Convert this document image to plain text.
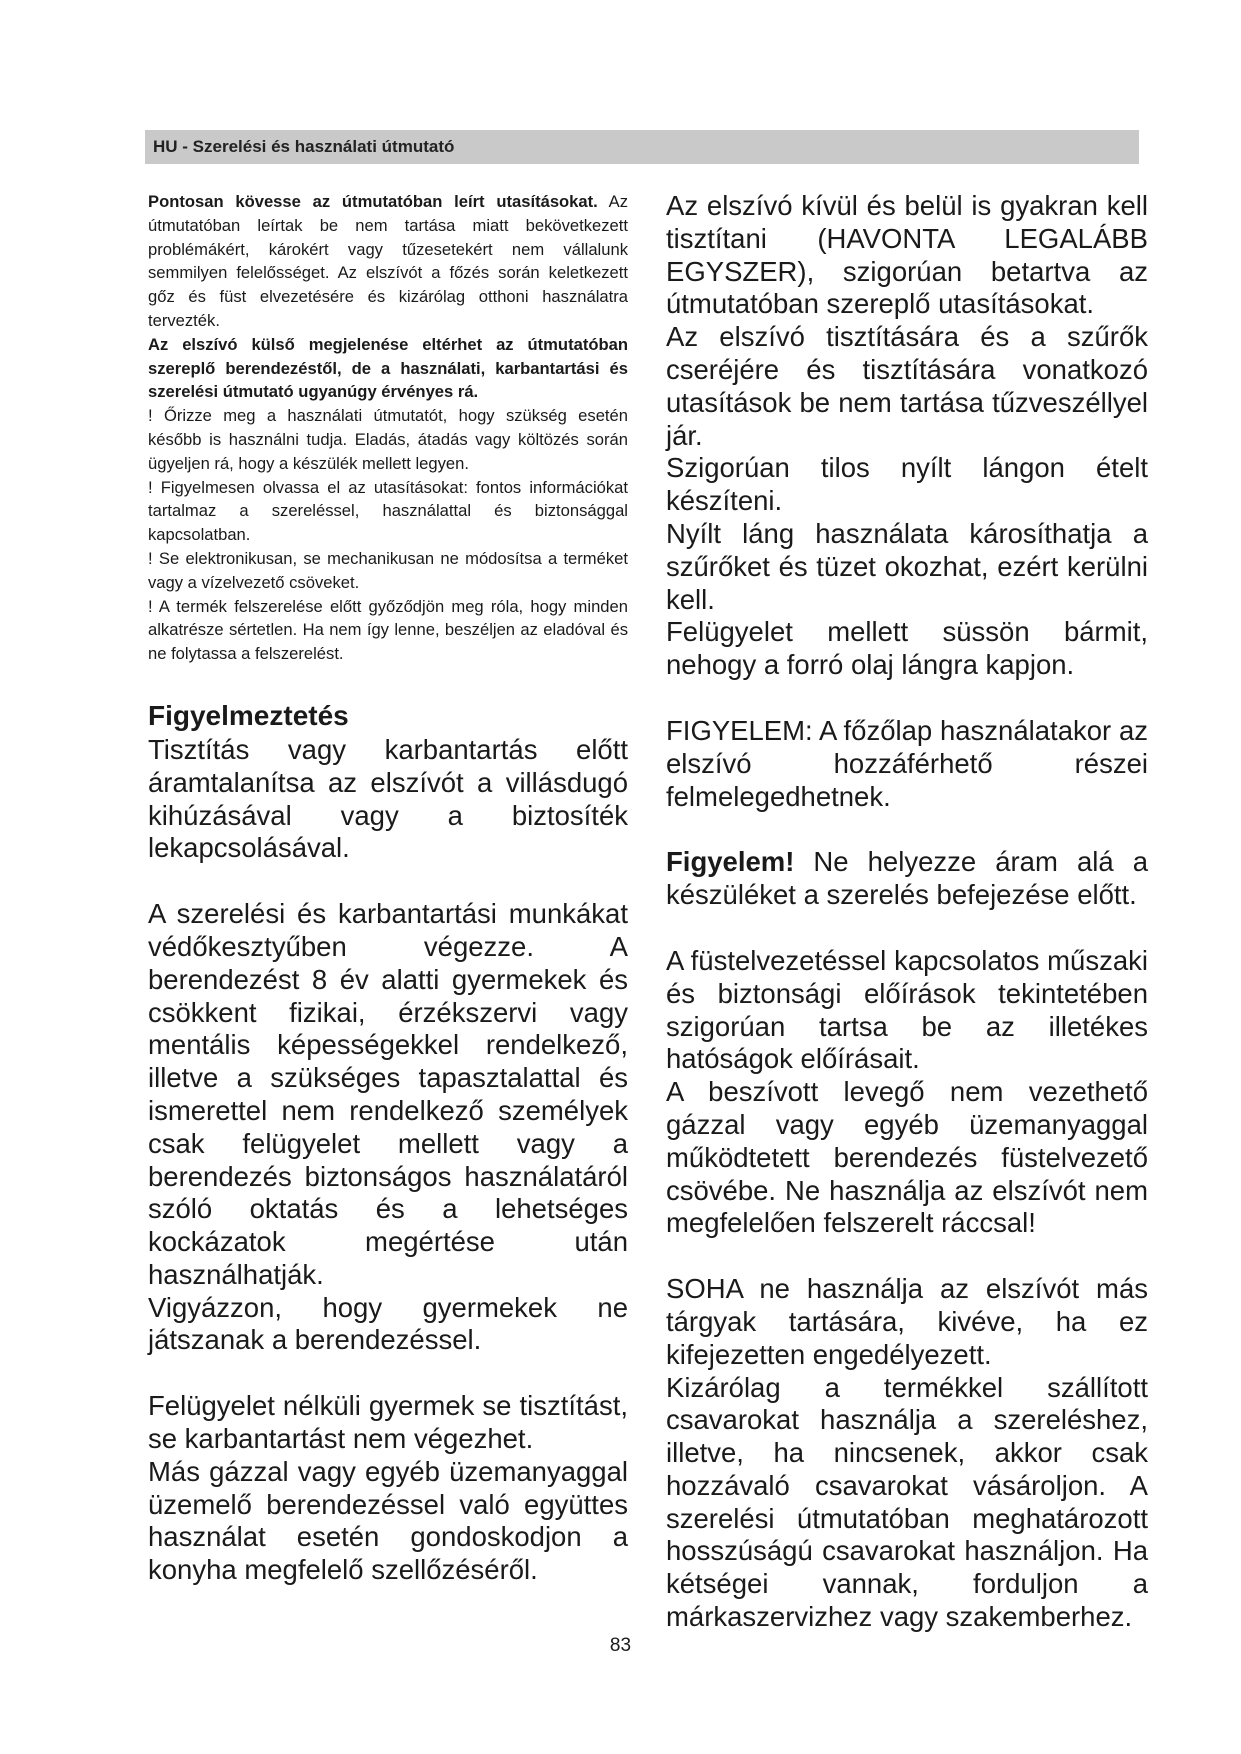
HU - Szerelési és használati útmutató

Pontosan kövesse az útmutatóban leírt utasításokat. Az útmutatóban leírtak be nem tartása miatt bekövetkezett problémákért, károkért vagy tűzesetekért nem vállalunk semmilyen felelősséget. Az elszívót a főzés során keletkezett gőz és füst elvezetésére és kizárólag otthoni használatra tervezték.

Az elszívó külső megjelenése eltérhet az útmutatóban szereplő berendezéstől, de a használati, karbantartási és szerelési útmutató ugyanúgy érvényes rá.

! Őrizze meg a használati útmutatót, hogy szükség esetén később is használni tudja. Eladás, átadás vagy költözés során ügyeljen rá, hogy a készülék mellett legyen.

! Figyelmesen olvassa el az utasításokat: fontos információkat tartalmaz a szereléssel, használattal és biztonsággal kapcsolatban.

! Se elektronikusan, se mechanikusan ne módosítsa a terméket vagy a vízelvezető csöveket.

! A termék felszerelése előtt győződjön meg róla, hogy minden alkatrésze sértetlen. Ha nem így lenne, beszéljen az eladóval és ne folytassa a felszerelést.

Figyelmeztetés

Tisztítás vagy karbantartás előtt áramtalanítsa az elszívót a villásdugó kihúzásával vagy a biztosíték lekapcsolásával.

A szerelési és karbantartási munkákat védőkesztyűben végezze. A berendezést 8 év alatti gyermekek és csökkent fizikai, érzékszervi vagy mentális képességekkel rendelkező, illetve a szükséges tapasztalattal és ismerettel nem rendelkező személyek csak felügyelet mellett vagy a berendezés biztonságos használatáról szóló oktatás és a lehetséges kockázatok megértése után használhatják.

Vigyázzon, hogy gyermekek ne játszanak a berendezéssel.

Felügyelet nélküli gyermek se tisztítást, se karbantartást nem végezhet.

Más gázzal vagy egyéb üzemanyaggal üzemelő berendezéssel való együttes használat esetén gondoskodjon a konyha megfelelő szellőzéséről.

Az elszívó kívül és belül is gyakran kell tisztítani (HAVONTA LEGALÁBB EGYSZER), szigorúan betartva az útmutatóban szereplő utasításokat.

Az elszívó tisztítására és a szűrők cseréjére és tisztítására vonatkozó utasítások be nem tartása tűzveszéllyel jár.

Szigorúan tilos nyílt lángon ételt készíteni.

Nyílt láng használata károsíthatja a szűrőket és tüzet okozhat, ezért kerülni kell.

Felügyelet mellett süssön bármit, nehogy a forró olaj lángra kapjon.

FIGYELEM: A főzőlap használatakor az elszívó hozzáférhető részei felmelegedhetnek.

Figyelem! Ne helyezze áram alá a készüléket a szerelés befejezése előtt.

A füstelvezetéssel kapcsolatos műszaki és biztonsági előírások tekintetében szigorúan tartsa be az illetékes hatóságok előírásait.

A beszívott levegő nem vezethető gázzal vagy egyéb üzemanyaggal működtetett berendezés füstelvezető csövébe. Ne használja az elszívót nem megfelelően felszerelt ráccsal!

SOHA ne használja az elszívót más tárgyak tartására, kivéve, ha ez kifejezetten engedélyezett.

Kizárólag a termékkel szállított csavarokat használja a szereléshez, illetve, ha nincsenek, akkor csak hozzávaló csavarokat vásároljon. A szerelési útmutatóban meghatározott hosszúságú csavarokat használjon. Ha kétségei vannak, forduljon a márkaszervizhez vagy szakemberhez.

83
